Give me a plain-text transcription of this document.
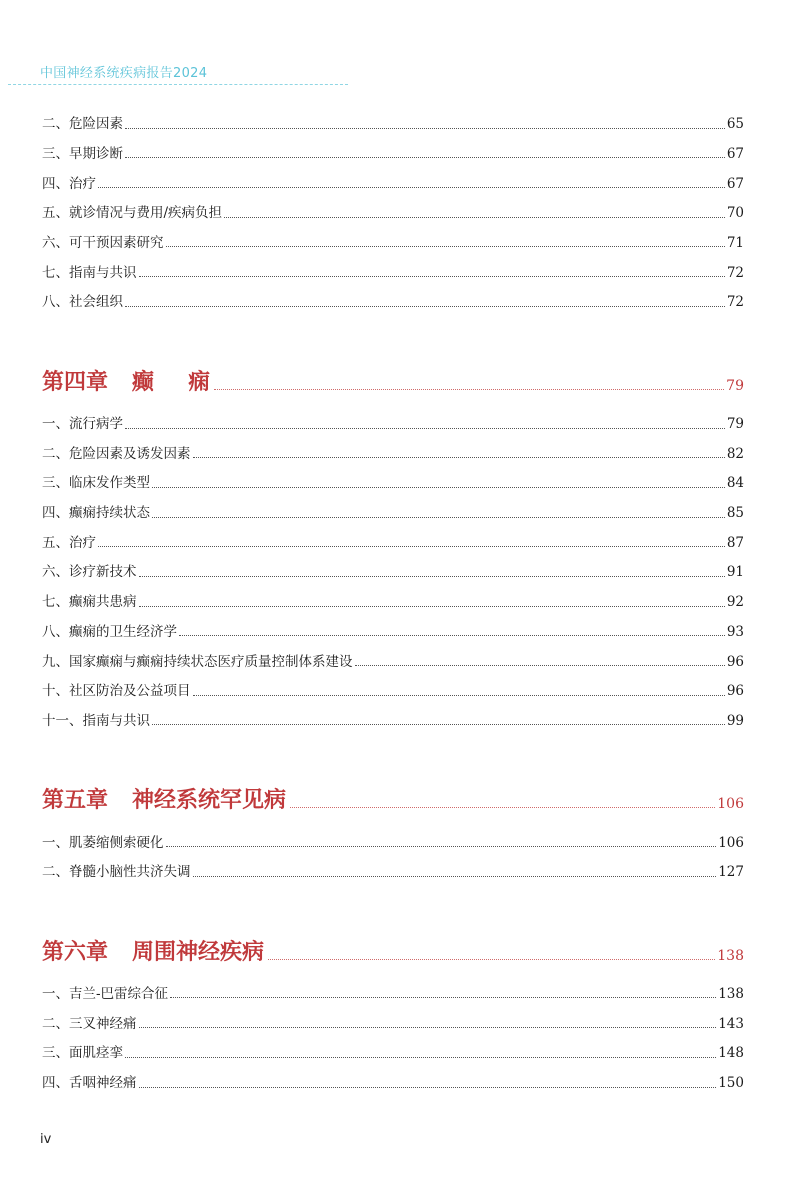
中国神经系统疾病报告2024
二、危险因素	65
三、早期诊断	67
四、治疗	67
五、就诊情况与费用/疾病负担	70
六、可干预因素研究	71
七、指南与共识	72
八、社会组织	72
第四章 癫痫	79
一、流行病学	79
二、危险因素及诱发因素	82
三、临床发作类型	84
四、癫痫持续状态	85
五、治疗	87
六、诊疗新技术	91
七、癫痫共患病	92
八、癫痫的卫生经济学	93
九、国家癫痫与癫痫持续状态医疗质量控制体系建设	96
十、社区防治及公益项目	96
十一、指南与共识	99
第五章 神经系统罕见病	106
一、肌萎缩侧索硬化	106
二、脊髓小脑性共济失调	127
第六章 周围神经疾病	138
一、吉兰-巴雷综合征	138
二、三叉神经痛	143
三、面肌痉挛	148
四、舌咽神经痛	150
iv
